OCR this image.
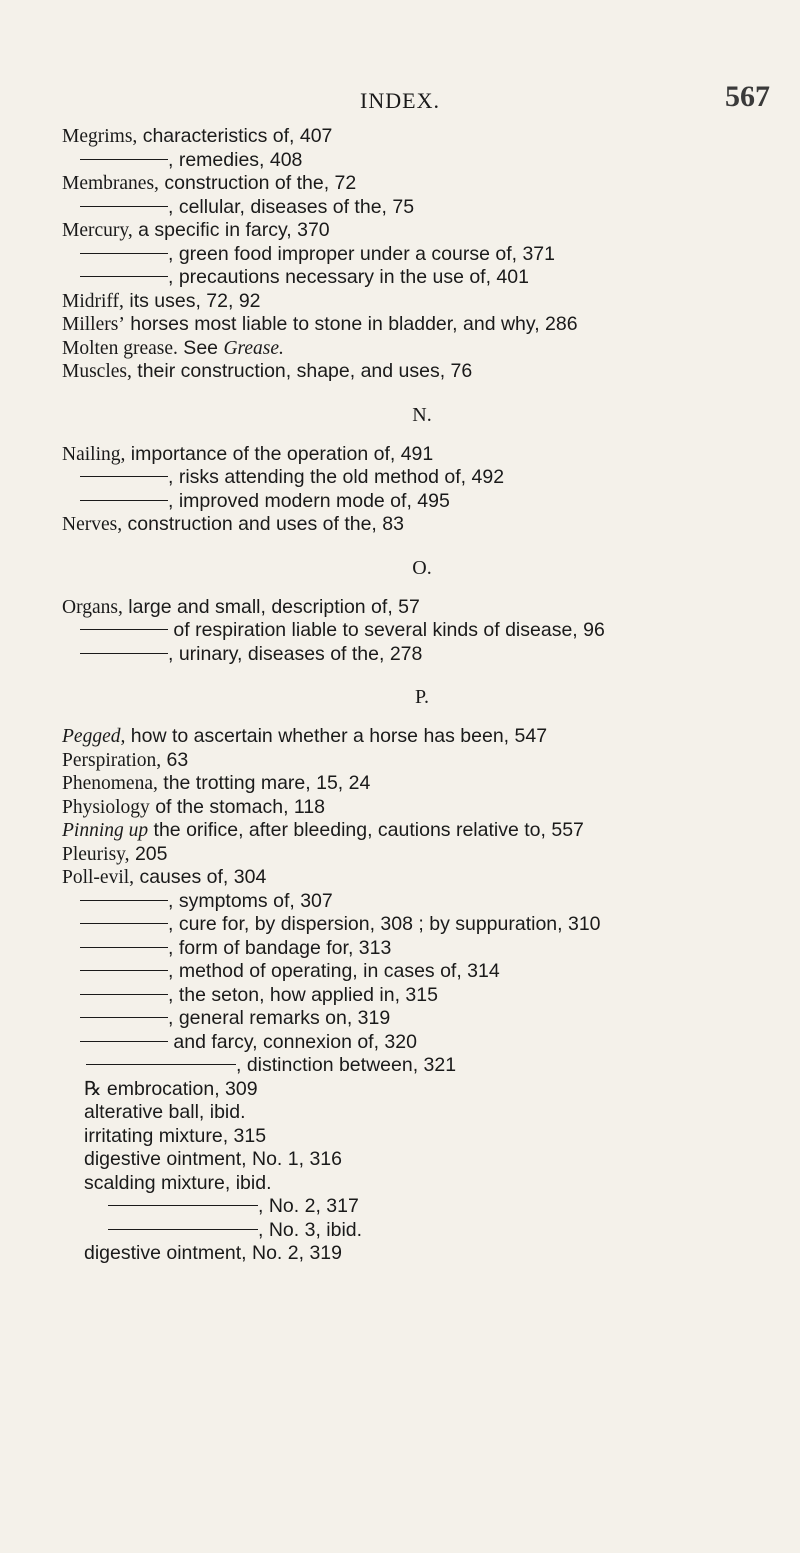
INDEX.	567
Megrims, characteristics of, 407
, remedies, 408
Membranes, construction of the, 72
, cellular, diseases of the, 75
Mercury, a specific in farcy, 370
, green food improper under a course of, 371
, precautions necessary in the use of, 401
Midriff, its uses, 72, 92
Millers’ horses most liable to stone in bladder, and why, 286
Molten grease. See Grease.
Muscles, their construction, shape, and uses, 76
N.
Nailing, importance of the operation of, 491
, risks attending the old method of, 492
, improved modern mode of, 495
Nerves, construction and uses of the, 83
O.
Organs, large and small, description of, 57
of respiration liable to several kinds of disease, 96
, urinary, diseases of the, 278
P.
Pegged, how to ascertain whether a horse has been, 547
Perspiration, 63
Phenomena, the trotting mare, 15, 24
Physiology of the stomach, 118
Pinning up the orifice, after bleeding, cautions relative to, 557
Pleurisy, 205
Poll-evil, causes of, 304
, symptoms of, 307
, cure for, by dispersion, 308 ; by suppuration, 310
, form of bandage for, 313
, method of operating, in cases of, 314
, the seton, how applied in, 315
, general remarks on, 319
and farcy, connexion of, 320
, distinction between, 321
℞ embrocation, 309
alterative ball, ibid.
irritating mixture, 315
digestive ointment, No. 1, 316
scalding mixture, ibid.
, No. 2, 317
, No. 3, ibid.
digestive ointment, No. 2, 319
